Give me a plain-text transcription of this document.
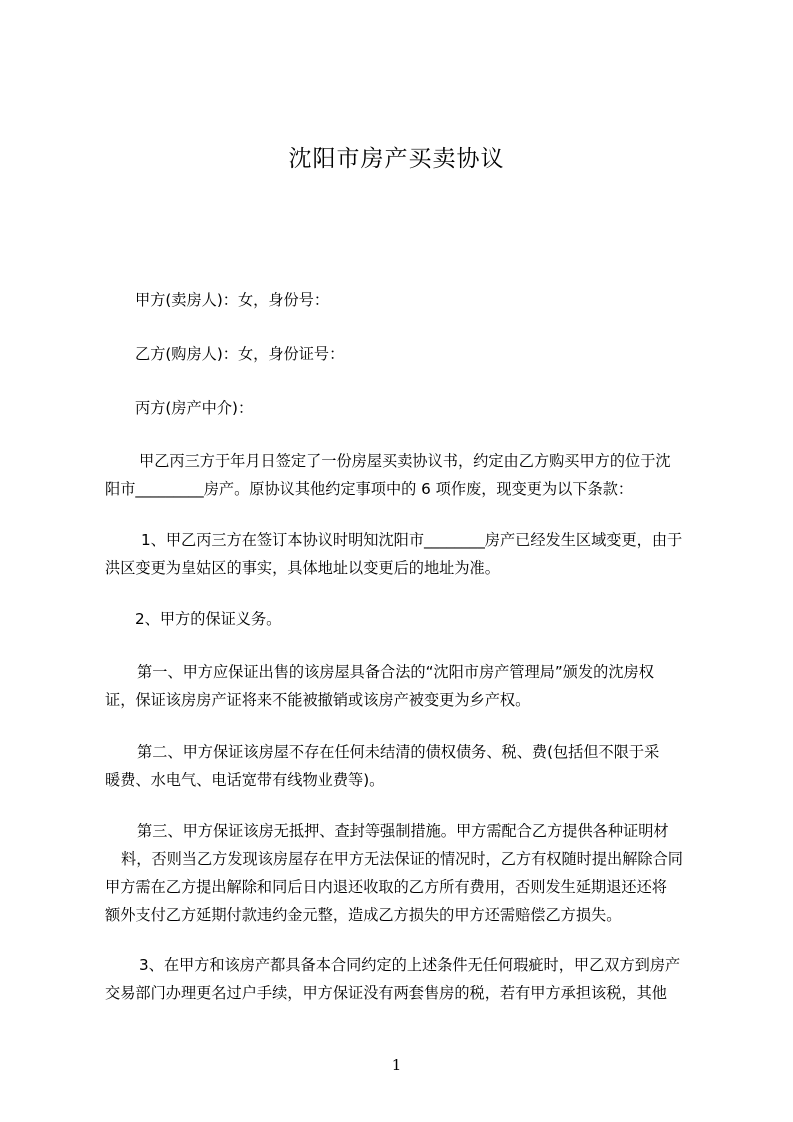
沈阳市房产买卖协议

甲方(卖房人)：女，身份号：

乙方(购房人)：女，身份证号：

丙方(房产中介)：

甲乙丙三方于年月日签定了一份房屋买卖协议书，约定由乙方购买甲方的位于沈
阳市_________房产。原协议其他约定事项中的 6 项作废，现变更为以下条款：
1、甲乙丙三方在签订本协议时明知沈阳市________房产已经发生区域变更，由于
洪区变更为皇姑区的事实，具体地址以变更后的地址为准。

2、甲方的保证义务。

第一、甲方应保证出售的该房屋具备合法的“沈阳市房产管理局”颁发的沈房权
证，保证该房房产证将来不能被撤销或该房产被变更为乡产权。
第二、甲方保证该房屋不存在任何未结清的债权债务、税、费(包括但不限于采
暖费、水电气、电话宽带有线物业费等)。
第三、甲方保证该房无抵押、查封等强制措施。甲方需配合乙方提供各种证明材
料，否则当乙方发现该房屋存在甲方无法保证的情况时，乙方有权随时提出解除合同
甲方需在乙方提出解除和同后日内退还收取的乙方所有费用，否则发生延期退还还将
额外支付乙方延期付款违约金元整，造成乙方损失的甲方还需赔偿乙方损失。
3、在甲方和该房产都具备本合同约定的上述条件无任何瑕疵时，甲乙双方到房产
交易部门办理更名过户手续，甲方保证没有两套售房的税，若有甲方承担该税，其他
1
